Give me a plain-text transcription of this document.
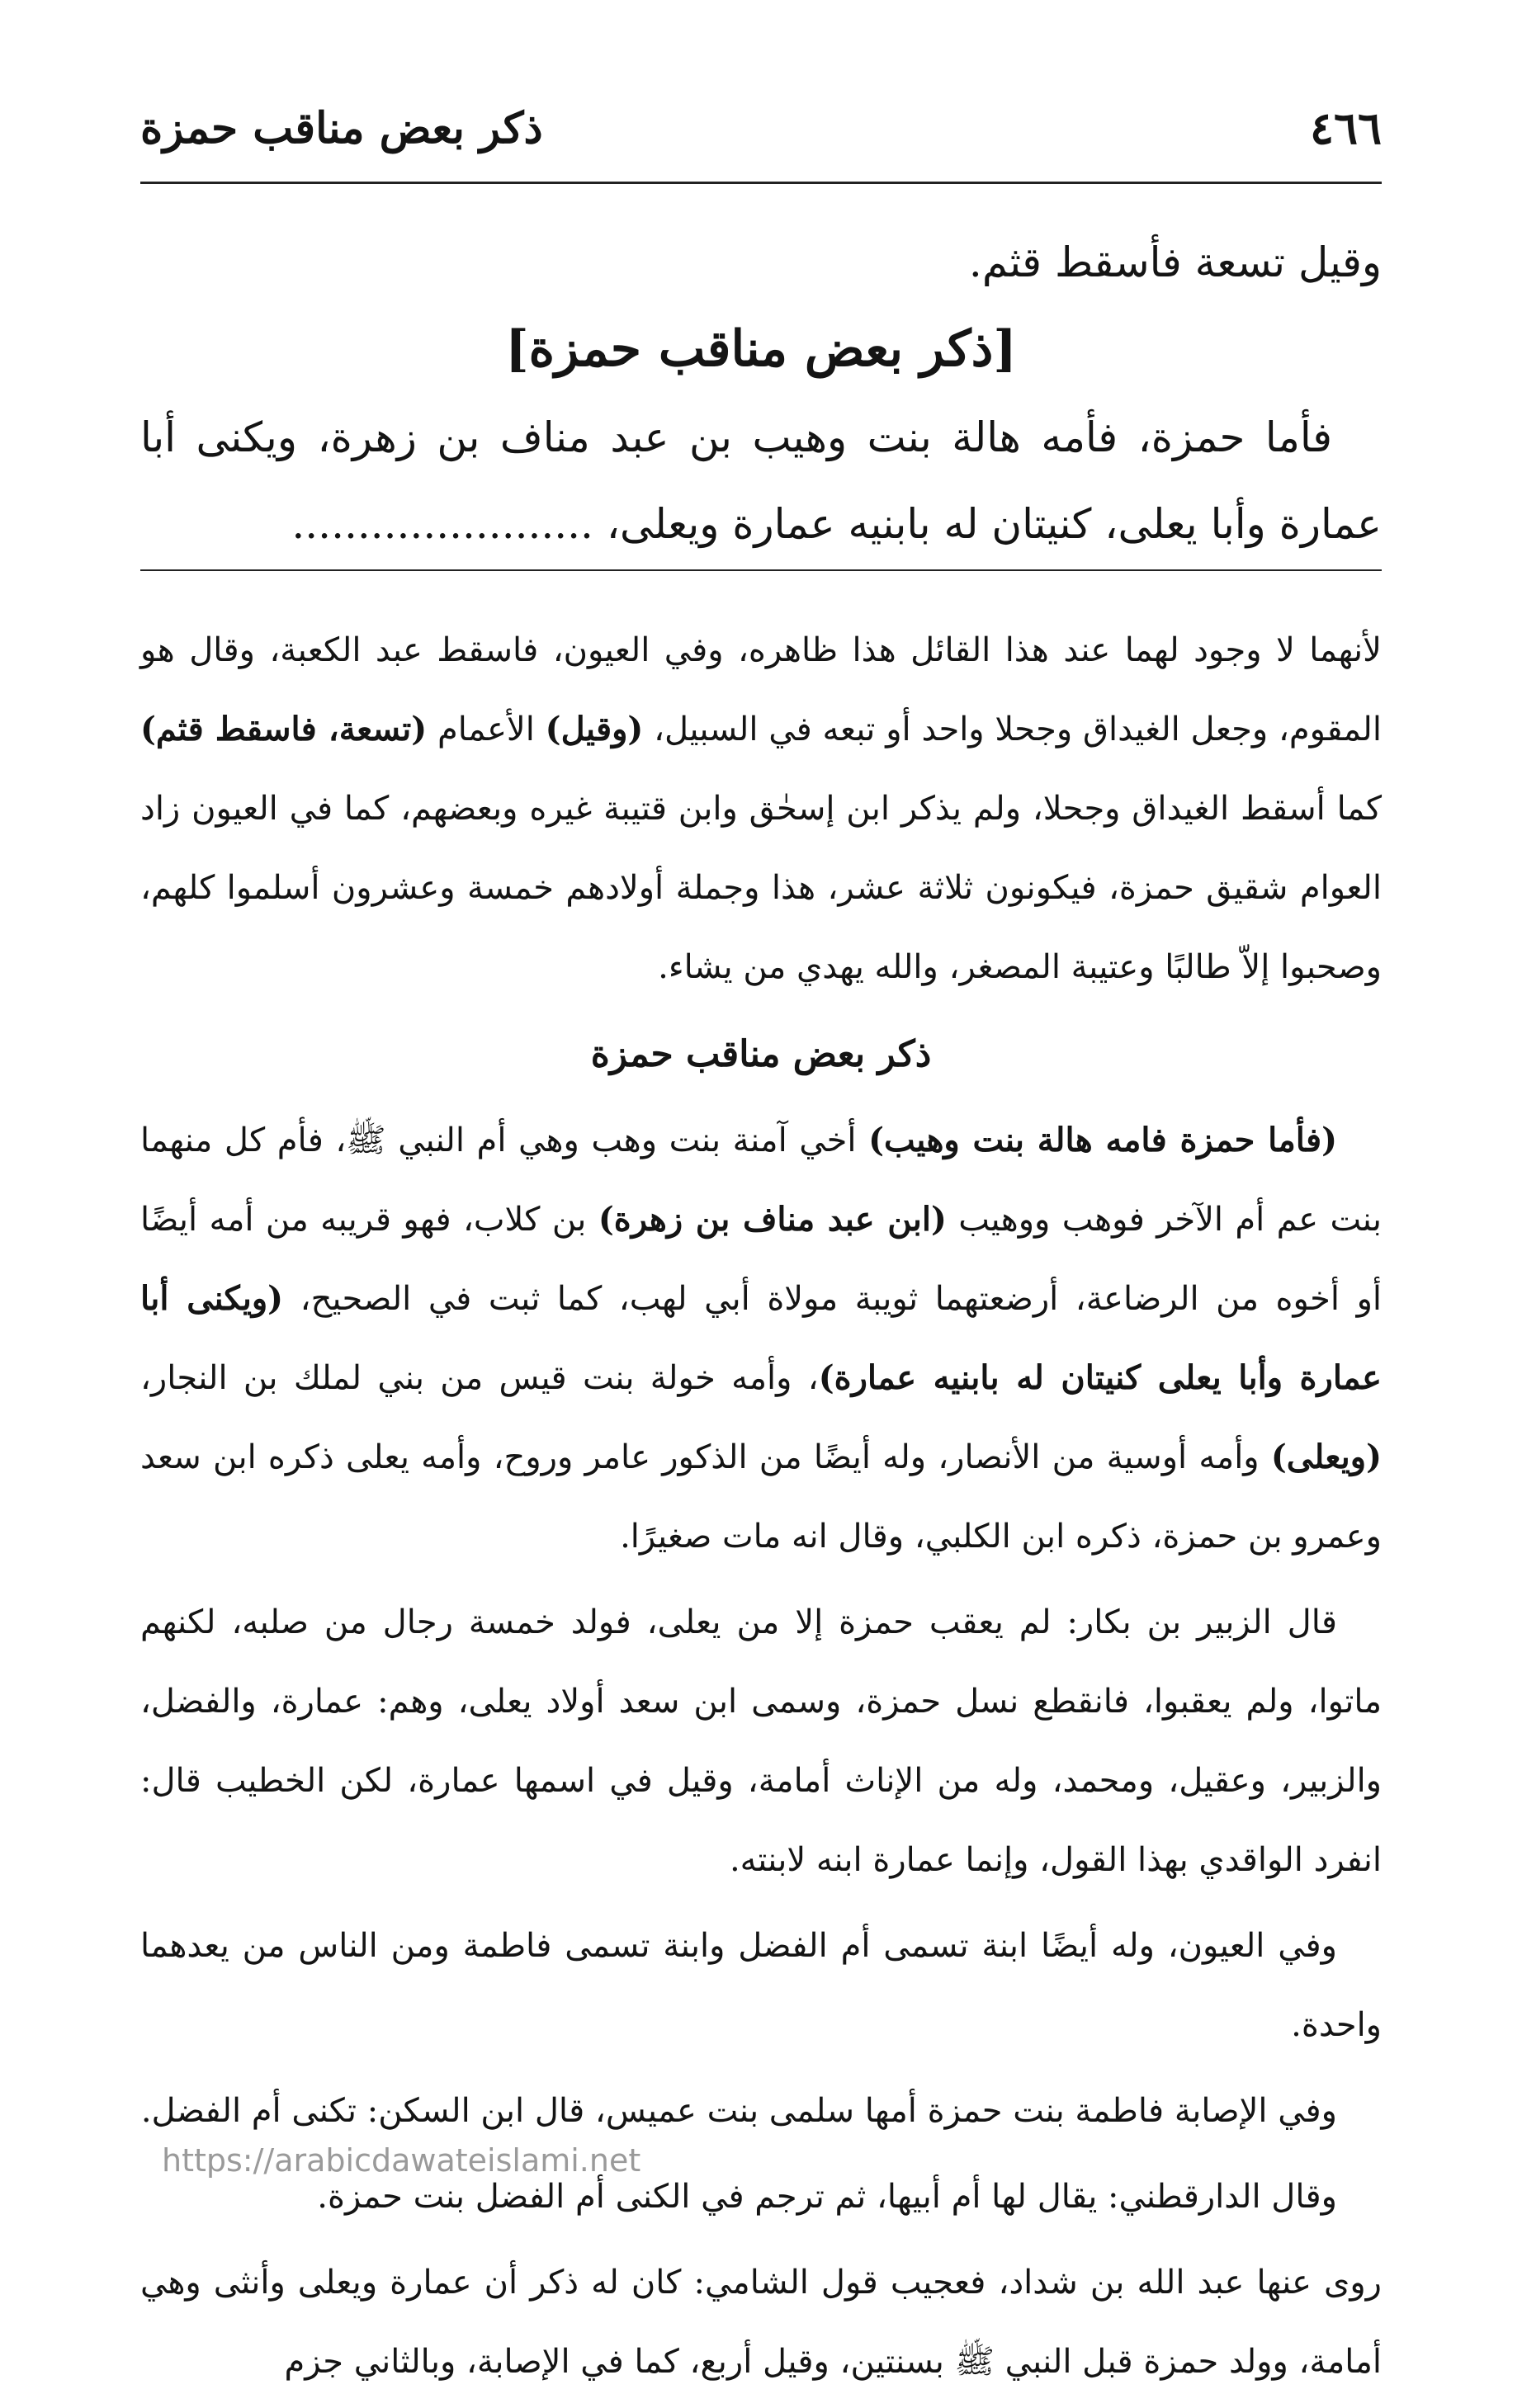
٤٦٦
ذكر بعض مناقب حمزة
وقيل تسعة فأسقط قثم.
[ذكر بعض مناقب حمزة]

فأما حمزة، فأمه هالة بنت وهيب بن عبد مناف بن زهرة، ويكنى أبا عمارة وأبا يعلى، كنيتان له بابنيه عمارة ويعلى، .......................

لأنهما لا وجود لهما عند هذا القائل هذا ظاهره، وفي العيون، فاسقط عبد الكعبة، وقال هو المقوم، وجعل الغيداق وجحلا واحد أو تبعه في السبيل، (وقيل) الأعمام (تسعة، فاسقط قثم) كما أسقط الغيداق وجحلا، ولم يذكر ابن إسحٰق وابن قتيبة غيره وبعضهم، كما في العيون زاد العوام شقيق حمزة، فيكونون ثلاثة عشر، هذا وجملة أولادهم خمسة وعشرون أسلموا كلهم، وصحبوا إلاّ طالبًا وعتيبة المصغر، والله يهدي من يشاء.

ذكر بعض مناقب حمزة

(فأما حمزة فامه هالة بنت وهيب) أخي آمنة بنت وهب وهي أم النبي ﷺ، فأم كل منهما بنت عم أم الآخر فوهب ووهيب (ابن عبد مناف بن زهرة) بن كلاب، فهو قريبه من أمه أيضًا أو أخوه من الرضاعة، أرضعتهما ثويبة مولاة أبي لهب، كما ثبت في الصحيح، (ويكنى أبا عمارة وأبا يعلى كنيتان له بابنيه عمارة)، وأمه خولة بنت قيس من بني لملك بن النجار، (ويعلى) وأمه أوسية من الأنصار، وله أيضًا من الذكور عامر وروح، وأمه يعلى ذكره ابن سعد وعمرو بن حمزة، ذكره ابن الكلبي، وقال انه مات صغيرًا.

قال الزبير بن بكار: لم يعقب حمزة إلا من يعلى، فولد خمسة رجال من صلبه، لكنهم ماتوا، ولم يعقبوا، فانقطع نسل حمزة، وسمى ابن سعد أولاد يعلى، وهم: عمارة، والفضل، والزبير، وعقيل، ومحمد، وله من الإناث أمامة، وقيل في اسمها عمارة، لكن الخطيب قال: انفرد الواقدي بهذا القول، وإنما عمارة ابنه لابنته.

وفي العيون، وله أيضًا ابنة تسمى أم الفضل وابنة تسمى فاطمة ومن الناس من يعدهما واحدة.

وفي الإصابة فاطمة بنت حمزة أمها سلمى بنت عميس، قال ابن السكن: تكنى أم الفضل.

وقال الدارقطني: يقال لها أم أبيها، ثم ترجم في الكنى أم الفضل بنت حمزة.

روى عنها عبد الله بن شداد، فعجيب قول الشامي: كان له ذكر أن عمارة ويعلى وأنثى وهي أمامة، وولد حمزة قبل النبي ﷺ بسنتين، وقيل أربع، كما في الإصابة، وبالثاني جزم

https://arabicdawateislami.net
